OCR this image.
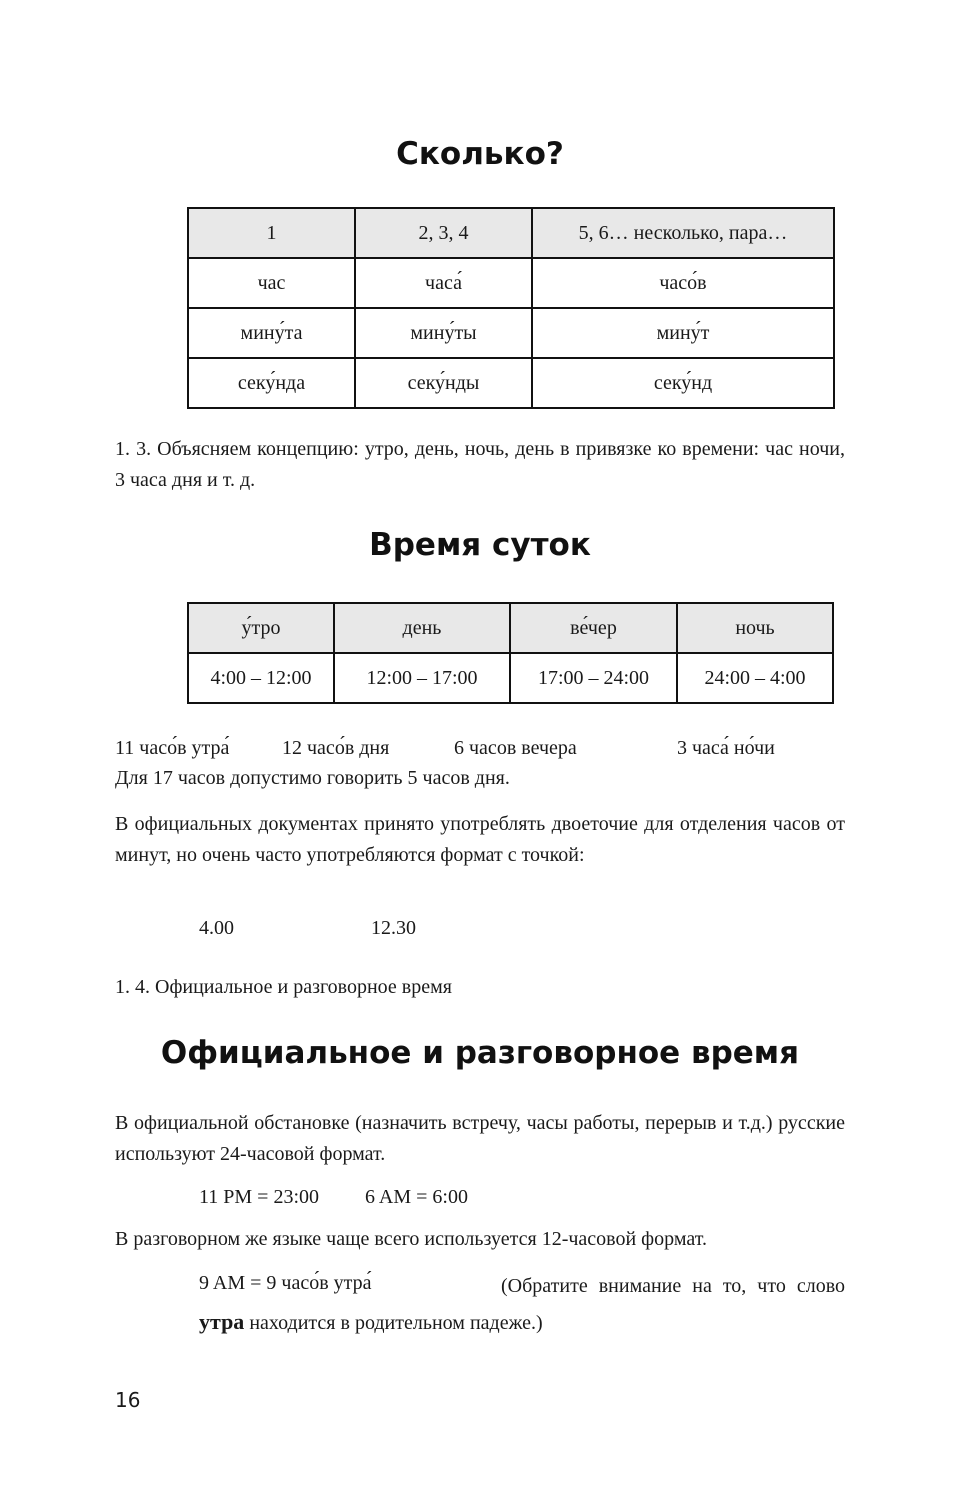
Сколько?
1	2, 3, 4	5, 6… несколько, пара…
час	часа́	часо́в
мину́та	мину́ты	мину́т
секу́нда	секу́нды	секу́нд

1. 3. Объясняем концепцию: утро, день, ночь, день в привязке ко времени: час ночи, 3 часа дня и т. д.

Время суток
у́тро	день	ве́чер	ночь
4:00 – 12:00	12:00 – 17:00	17:00 – 24:00	24:00 – 4:00

11 часо́в утра́	12 часо́в дня	6 часов вечера	3 часа́ но́чи

Для 17 часов допустимо говорить 5 часов дня.

В официальных документах принято употреблять двоеточие для отделения часов от минут, но очень часто употребляются формат с точкой:

4.00	12.30

1. 4. Официальное и разговорное время

Официальное и разговорное время

В официальной обстановке (назначить встречу, часы работы, перерыв и т.д.) русские используют 24-часовой формат.

11 PM = 23:00 6 AM = 6:00

В разговорном же языке чаще всего используется 12-часовой формат.

9 AM = 9 часо́в утра́	(Обратите внимание на то, что слово
утра находится в родительном падеже.)
16
